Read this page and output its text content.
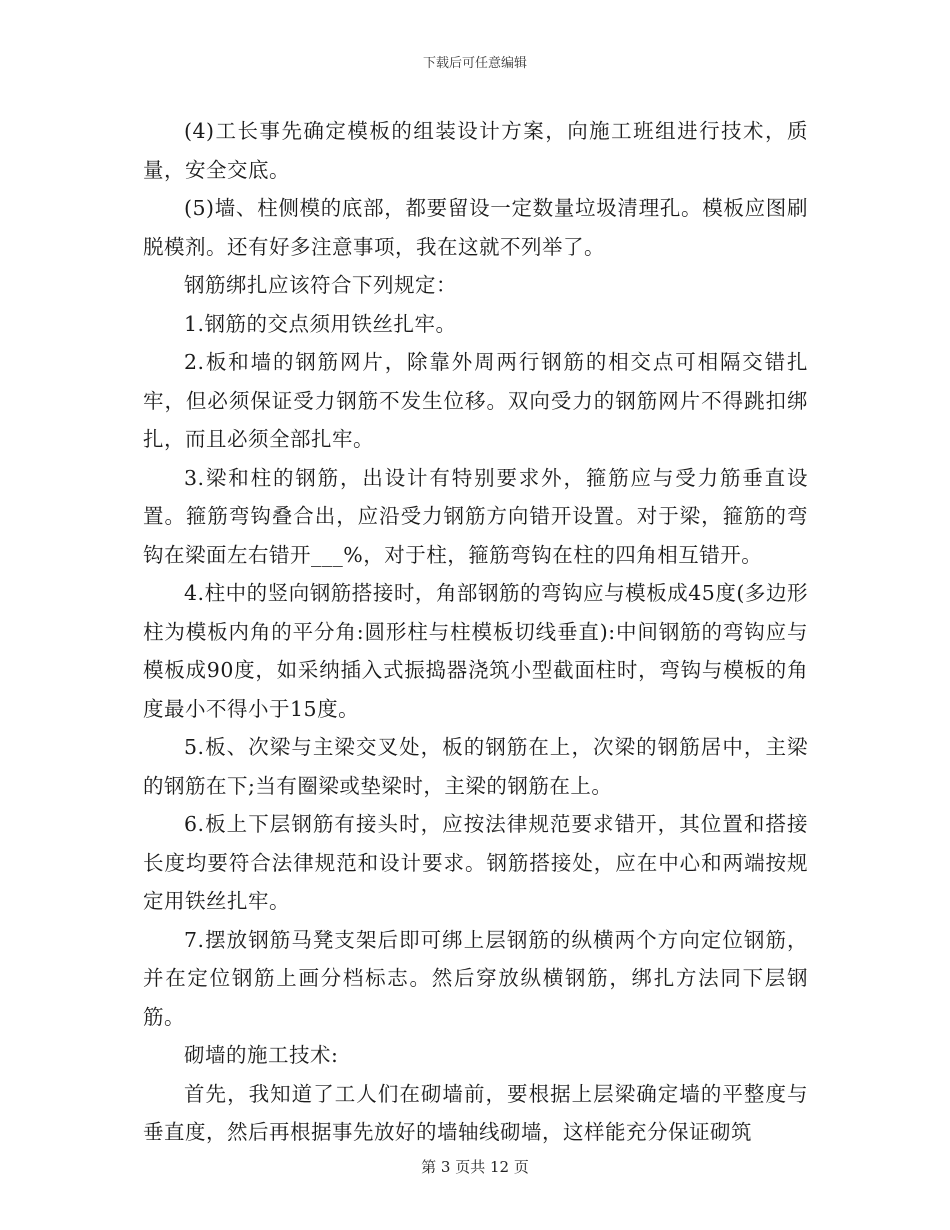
下载后可任意编辑

(4)工长事先确定模板的组装设计方案，向施工班组进行技术，质量，安全交底。

(5)墙、柱侧模的底部，都要留设一定数量垃圾清理孔。模板应图刷脱模剂。还有好多注意事项，我在这就不列举了。

钢筋绑扎应该符合下列规定：

1.钢筋的交点须用铁丝扎牢。

2.板和墙的钢筋网片，除靠外周两行钢筋的相交点可相隔交错扎牢，但必须保证受力钢筋不发生位移。双向受力的钢筋网片不得跳扣绑扎，而且必须全部扎牢。

3.梁和柱的钢筋，出设计有特别要求外，箍筋应与受力筋垂直设置。箍筋弯钩叠合出，应沿受力钢筋方向错开设置。对于梁，箍筋的弯钩在梁面左右错开___%，对于柱，箍筋弯钩在柱的四角相互错开。

4.柱中的竖向钢筋搭接时，角部钢筋的弯钩应与模板成45度(多边形柱为模板内角的平分角:圆形柱与柱模板切线垂直):中间钢筋的弯钩应与模板成90度，如采纳插入式振捣器浇筑小型截面柱时，弯钩与模板的角度最小不得小于15度。

5.板、次梁与主梁交叉处，板的钢筋在上，次梁的钢筋居中，主梁的钢筋在下;当有圈梁或垫梁时，主梁的钢筋在上。

6.板上下层钢筋有接头时，应按法律规范要求错开，其位置和搭接长度均要符合法律规范和设计要求。钢筋搭接处，应在中心和两端按规定用铁丝扎牢。

7.摆放钢筋马凳支架后即可绑上层钢筋的纵横两个方向定位钢筋，并在定位钢筋上画分档标志。然后穿放纵横钢筋，绑扎方法同下层钢筋。

砌墙的施工技术:

首先，我知道了工人们在砌墙前，要根据上层梁确定墙的平整度与垂直度，然后再根据事先放好的墙轴线砌墙，这样能充分保证砌筑

第 3 页共 12 页
